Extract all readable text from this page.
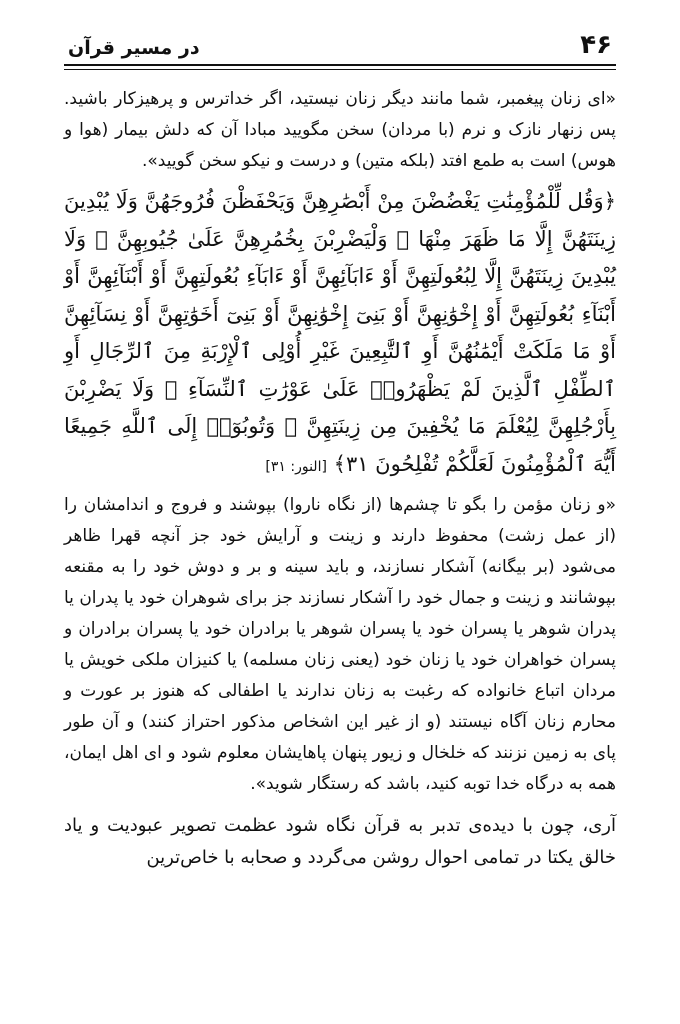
۴۶
در مسیر قرآن

«ای زنان پیغمبر، شما مانند دیگر زنان نیستید، اگر خداترس و پرهیزکار باشید. پس زنهار نازک و نرم (با مردان) سخن مگویید مبادا آن که دلش بیمار (هوا و هوس) است به طمع افتد (بلکه متین) و درست و نیکو سخن گویید».

﴿وَقُل لِّلْمُؤْمِنَٰتِ يَغْضُضْنَ مِنْ أَبْصَٰرِهِنَّ وَيَحْفَظْنَ فُرُوجَهُنَّ وَلَا يُبْدِينَ زِينَتَهُنَّ إِلَّا مَا ظَهَرَ مِنْهَا ۖ وَلْيَضْرِبْنَ بِخُمُرِهِنَّ عَلَىٰ جُيُوبِهِنَّ ۖ وَلَا يُبْدِينَ زِينَتَهُنَّ إِلَّا لِبُعُولَتِهِنَّ أَوْ ءَابَآئِهِنَّ أَوْ ءَابَآءِ بُعُولَتِهِنَّ أَوْ أَبْنَآئِهِنَّ أَوْ أَبْنَآءِ بُعُولَتِهِنَّ أَوْ إِخْوَٰنِهِنَّ أَوْ بَنِىٓ إِخْوَٰنِهِنَّ أَوْ بَنِىٓ أَخَوَٰتِهِنَّ أَوْ نِسَآئِهِنَّ أَوْ مَا مَلَكَتْ أَيْمَٰنُهُنَّ أَوِ ٱلتَّٰبِعِينَ غَيْرِ أُوْلِى ٱلْإِرْبَةِ مِنَ ٱلرِّجَالِ أَوِ ٱلطِّفْلِ ٱلَّذِينَ لَمْ يَظْهَرُوا۟ عَلَىٰ عَوْرَٰتِ ٱلنِّسَآءِ ۖ وَلَا يَضْرِبْنَ بِأَرْجُلِهِنَّ لِيُعْلَمَ مَا يُخْفِينَ مِن زِينَتِهِنَّ ۚ وَتُوبُوٓا۟ إِلَى ٱللَّهِ جَمِيعًا أَيُّهَ ٱلْمُؤْمِنُونَ لَعَلَّكُمْ تُفْلِحُونَ ٣١﴾ [النور: ۳۱]

«و زنان مؤمن را بگو تا چشم‌ها (از نگاه ناروا) بپوشند و فروج و اندامشان را (از عمل زشت) محفوظ دارند و زینت و آرایش خود جز آنچه قهرا ظاهر می‌شود (بر بیگانه) آشکار نسازند، و باید سینه و بر و دوش خود را به مقنعه بپوشانند و زینت و جمال خود را آشکار نسازند جز برای شوهران خود یا پدران یا پدران شوهر یا پسران خود یا پسران شوهر یا برادران خود یا پسران برادران و پسران خواهران خود یا زنان خود (یعنی زنان مسلمه) یا کنیزان ملکی خویش یا مردان اتباع خانواده که رغبت به زنان ندارند یا اطفالی که هنوز بر عورت و محارم زنان آگاه نیستند (و از غیر این اشخاص مذکور احتراز کنند) و آن طور پای به زمین نزنند که خلخال و زیور پنهان پاهایشان معلوم شود و ای اهل ایمان، همه به درگاه خدا توبه کنید، باشد که رستگار شوید».

آری، چون با دیده‌ی تدبر به قرآن نگاه شود عظمت تصویر عبودیت و یاد خالق یکتا در تمامی احوال روشن می‌گردد و صحابه با خاص‌ترین
